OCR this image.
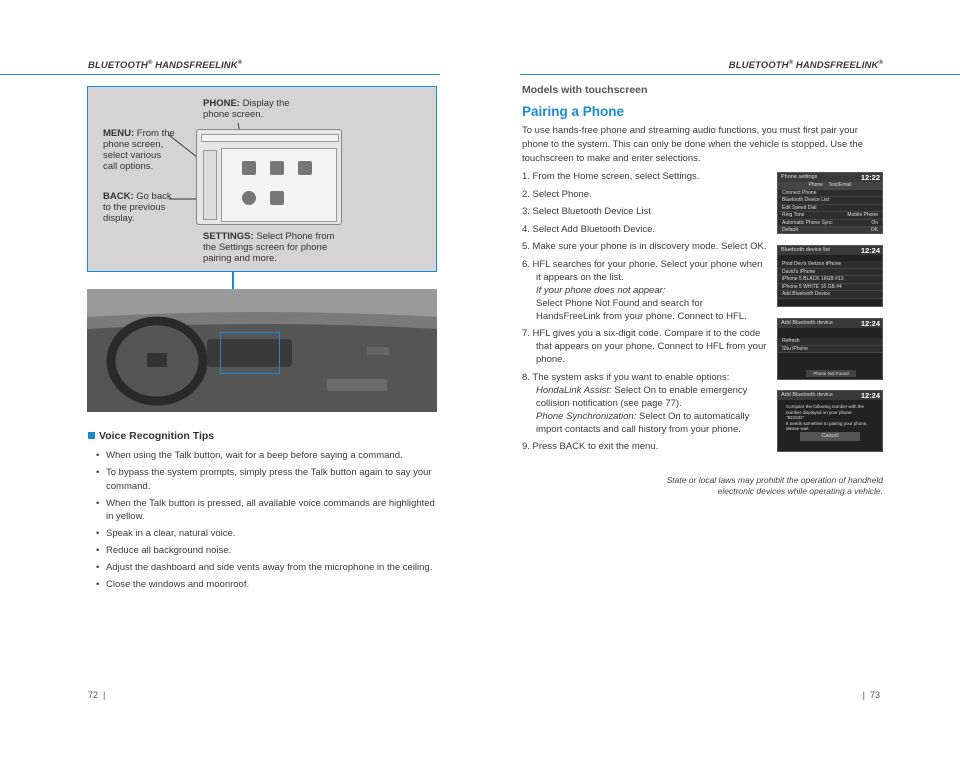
BLUETOOTH® HANDSFREELINK®
PHONE: Display the phone screen.
MENU: From the phone screen, select various call options.
BACK: Go back to the previous display.
SETTINGS: Select Phone from the Settings screen for phone pairing and more.
Voice Recognition Tips
• When using the Talk button, wait for a beep before saying a command.
• To bypass the system prompts, simply press the Talk button again to say your command.
• When the Talk button is pressed, all available voice commands are highlighted in yellow.
• Speak in a clear, natural voice.
• Reduce all background noise.
• Adjust the dashboard and side vents away from the microphone in the ceiling.
• Close the windows and moonroof.
72  |
BLUETOOTH® HANDSFREELINK®
Models with touchscreen
Pairing a Phone
To use hands-free phone and streaming audio functions, you must first pair your phone to the system. This can only be done when the vehicle is stopped. Use the touchscreen to make and enter selections.
1. From the Home screen, select Settings.
2. Select Phone.
3. Select Bluetooth Device List
4. Select Add Bluetooth Device.
5. Make sure your phone is in discovery mode. Select OK.
6. HFL searches for your phone. Select your phone when it appears on the list.
If your phone does not appear:
Select Phone Not Found and search for HandsFreeLink from your phone. Connect to HFL.
7. HFL gives you a six-digit code. Compare it to the code that appears on your phone. Connect to HFL from your phone.
8. The system asks if you want to enable options:
HondaLink Assist: Select On to enable emergency collision notification (see page 77).
Phone Synchronization: Select On to automatically import contacts and call history from your phone.
9. Press BACK to exit the menu.
Phone settings	12:22
Phone Text/Email
Connect Phone
Bluetooth Device List
Edit Speed Dial
Ring Tone	Mobile Phone
Automatic Phone Sync	On
Default	OK
Bluetooth device list	12:24
Prod Dev's Verizon iPhone
David's iPhone
iPhone 5 BLACK 16GB #13
iPhone 5 WHITE 16 GB #4
Add Bluetooth Device
Add Bluetooth device	12:24
Refresh
Shu iPhone
Phone Not Found
Add Bluetooth device	12:24
Compare the following number with the number displayed on your phone:
"821932"
It needs sometime to pairing your phone, please wait.
Cancel
State or local laws may prohibit the operation of handheld electronic devices while operating a vehicle.
|  73
